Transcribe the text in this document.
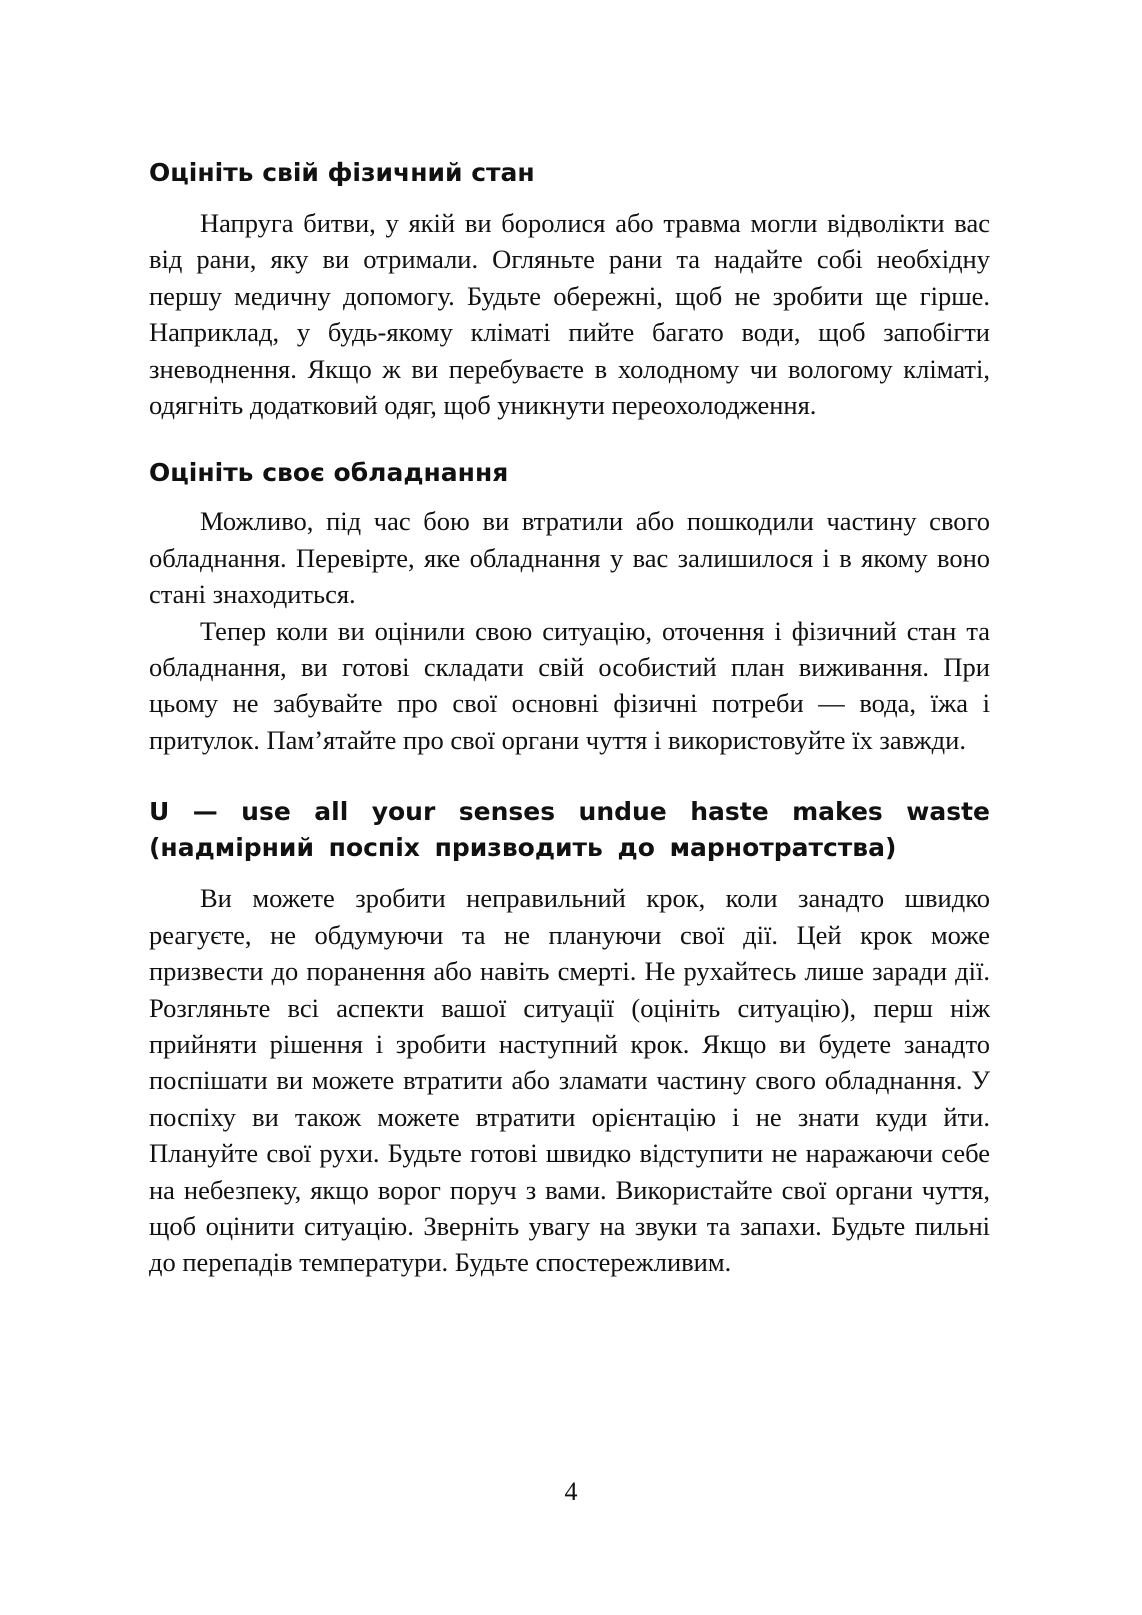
Оцініть свій фізичний стан

Напруга битви, у якій ви боролися або травма могли відволікти вас від рани, яку ви отримали. Огляньте рани та надайте собі необхідну першу медичну допомогу. Будьте обережні, щоб не зробити ще гірше. Наприклад, у будь-якому кліматі пийте багато води, щоб запобігти зневоднення. Якщо ж ви перебуваєте в холодному чи вологому кліматі, одягніть додатковий одяг, щоб уникнути переохолодження.

Оцініть своє обладнання

Можливо, під час бою ви втратили або пошкодили частину свого обладнання. Перевірте, яке обладнання у вас залишилося і в якому воно стані знаходиться.

Тепер коли ви оцінили свою ситуацію, оточення і фізичний стан та обладнання, ви готові складати свій особистий план виживання. При цьому не забувайте про свої основні фізичні потреби — вода, їжа і притулок. Пам’ятайте про свої органи чуття і використовуйте їх завжди.

U — use all your senses undue haste makes waste (надмірний поспіх призводить до марнотратства)

Ви можете зробити неправильний крок, коли занадто швидко реагуєте, не обдумуючи та не плануючи свої дії. Цей крок може призвести до поранення або навіть смерті. Не рухайтесь лише заради дії. Розгляньте всі аспекти вашої ситуації (оцініть ситуацію), перш ніж прийняти рішення і зробити наступний крок. Якщо ви будете занадто поспішати ви можете втратити або зламати частину свого обладнання. У поспіху ви також можете втратити орієнтацію і не знати куди йти. Плануйте свої рухи. Будьте готові швидко відступити не наражаючи себе на небезпеку, якщо ворог поруч з вами. Використайте свої органи чуття, щоб оцінити ситуацію. Зверніть увагу на звуки та запахи. Будьте пильні до перепадів температури. Будьте спостережливим.

4
